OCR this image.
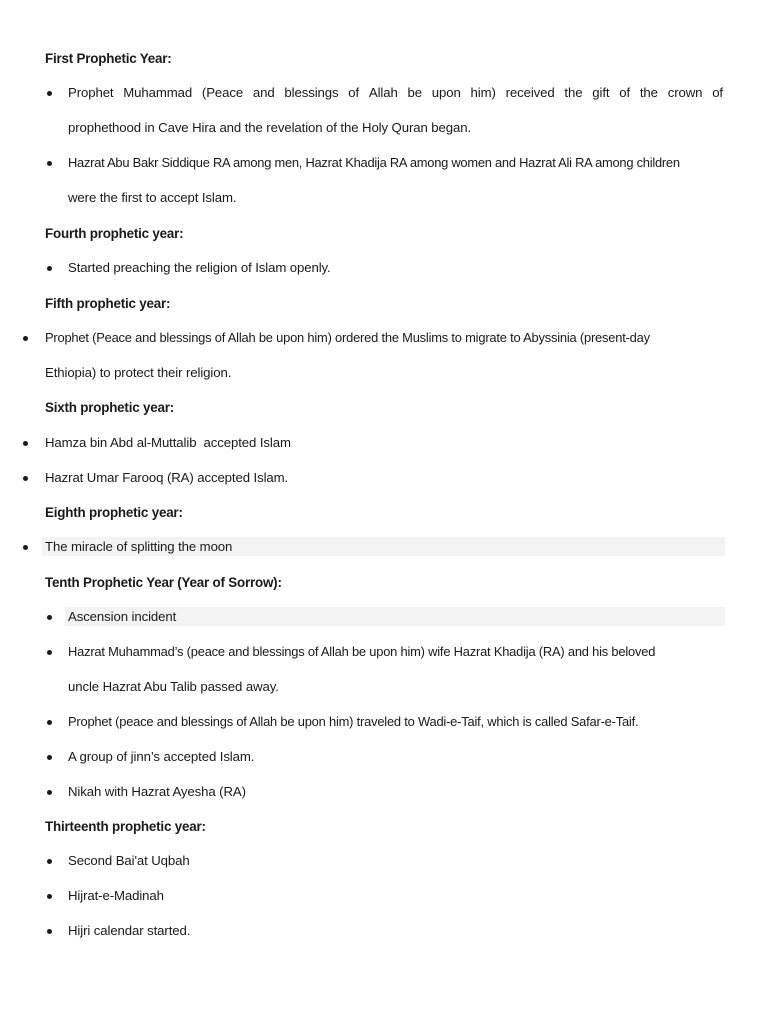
First Prophetic Year:
Prophet Muhammad (Peace and blessings of Allah be upon him) received the gift of the crown of
prophethood in Cave Hira and the revelation of the Holy Quran began.
Hazrat Abu Bakr Siddique RA among men, Hazrat Khadija RA among women and Hazrat Ali RA among children
were the first to accept Islam.
Fourth prophetic year:
Started preaching the religion of Islam openly.
Fifth prophetic year:
Prophet (Peace and blessings of Allah be upon him) ordered the Muslims to migrate to Abyssinia (present-day
Ethiopia) to protect their religion.
Sixth prophetic year:
Hamza bin Abd al-Muttalib  accepted Islam
Hazrat Umar Farooq (RA) accepted Islam.
Eighth prophetic year:
The miracle of splitting the moon
Tenth Prophetic Year (Year of Sorrow):
Ascension incident
Hazrat Muhammad’s (peace and blessings of Allah be upon him) wife Hazrat Khadija (RA) and his beloved
uncle Hazrat Abu Talib passed away.
Prophet (peace and blessings of Allah be upon him) traveled to Wadi-e-Taif, which is called Safar-e-Taif.
A group of jinn’s accepted Islam.
Nikah with Hazrat Ayesha (RA)
Thirteenth prophetic year:
Second Bai'at Uqbah
Hijrat-e-Madinah
Hijri calendar started.
